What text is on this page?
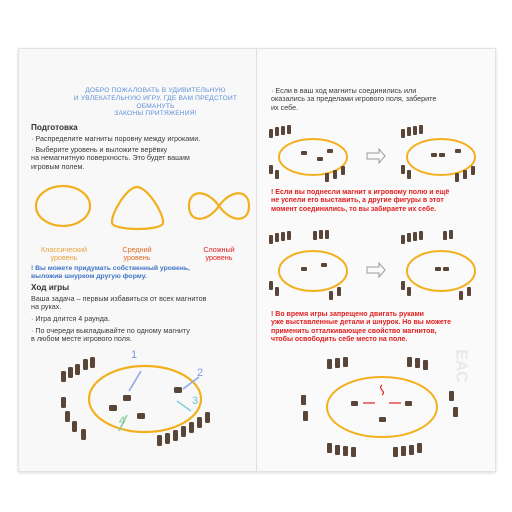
ДОБРО ПОЖАЛОВАТЬ В УДИВИТЕЛЬНУЮ
И УВЛЕКАТЕЛЬНУЮ ИГРУ, ГДЕ ВАМ ПРЕДСТОИТ ОБМАНУТЬ
ЗАКОНЫ ПРИТЯЖЕНИЯ!

Подготовка

· Распределите магниты поровну между игроками.

· Выберите уровень и выложите верёвку
на немагнитную поверхность. Это будет вашим
игровым полем.

Классический
уровень

Средний
уровень

Сложный
уровень

! Вы можете придумать собственный уровень,
выложив шнурком другую форму.

Ход игры

Ваша задача – первым избавиться от всех магнитов
на руках.

· Игра длится 4 раунда.

· По очереди выкладывайте по одному магниту
в любом месте игрового поля.

1

2

3

4

· Если в ваш ход магниты соединились или
оказались за пределами игрового поля, заберите
их себе.

! Если вы поднесли магнит к игровому полю и ещё
не успели его выставить, а другие фигуры в этот
момент соединились, то вы забираете их себе.

! Во время игры запрещено двигать руками
уже выставленные детали и шнурок. Но вы можете
применить отталкивающее свойство магнитов,
чтобы освободить себе место на поле.

ЕАС
